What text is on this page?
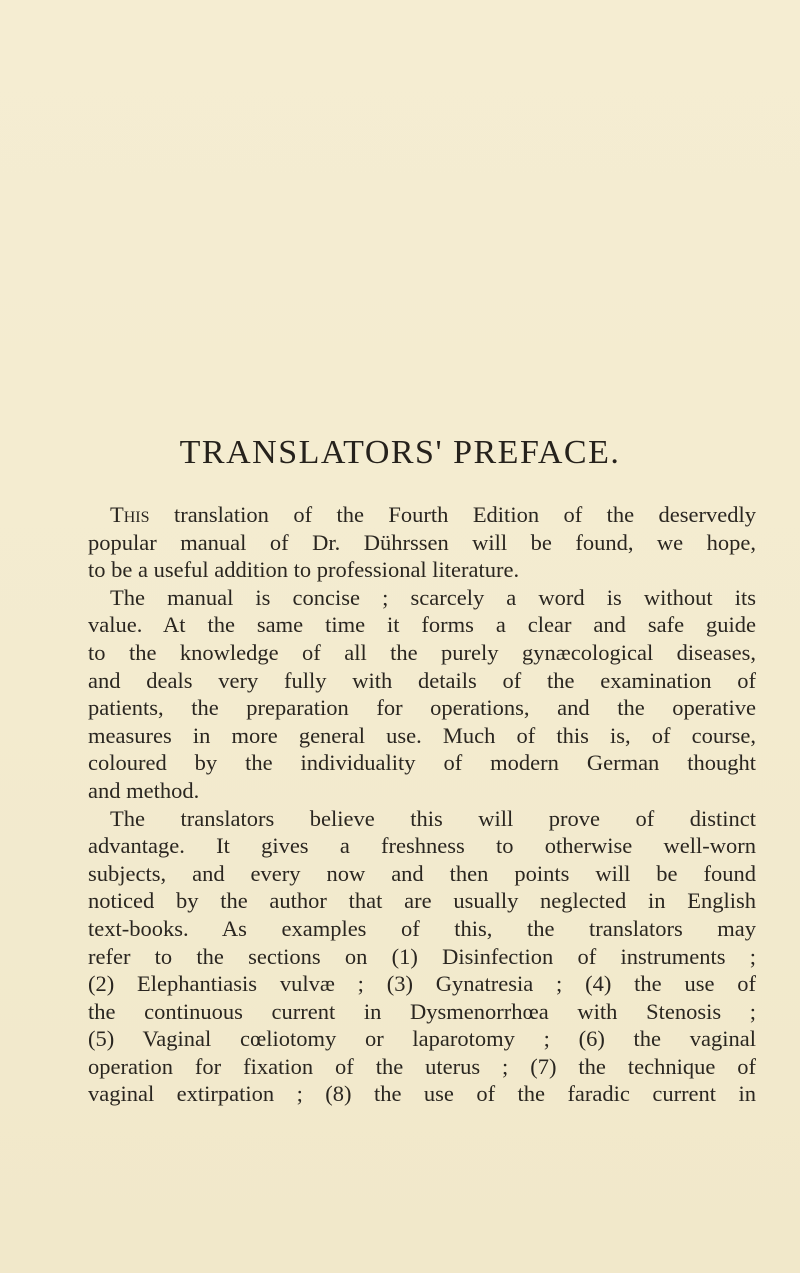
TRANSLATORS' PREFACE.
This translation of the Fourth Edition of the deservedly
popular manual of Dr. Dührssen will be found, we hope,
to be a useful addition to professional literature.
The manual is concise ; scarcely a word is without its
value. At the same time it forms a clear and safe guide
to the knowledge of all the purely gynæcological diseases,
and deals very fully with details of the examination of
patients, the preparation for operations, and the operative
measures in more general use. Much of this is, of course,
coloured by the individuality of modern German thought
and method.
The translators believe this will prove of distinct
advantage. It gives a freshness to otherwise well-worn
subjects, and every now and then points will be found
noticed by the author that are usually neglected in English
text-books. As examples of this, the translators may
refer to the sections on (1) Disinfection of instruments ;
(2) Elephantiasis vulvæ ; (3) Gynatresia ; (4) the use of
the continuous current in Dysmenorrhœa with Stenosis ;
(5) Vaginal cœliotomy or laparotomy ; (6) the vaginal
operation for fixation of the uterus ; (7) the technique of
vaginal extirpation ; (8) the use of the faradic current in
